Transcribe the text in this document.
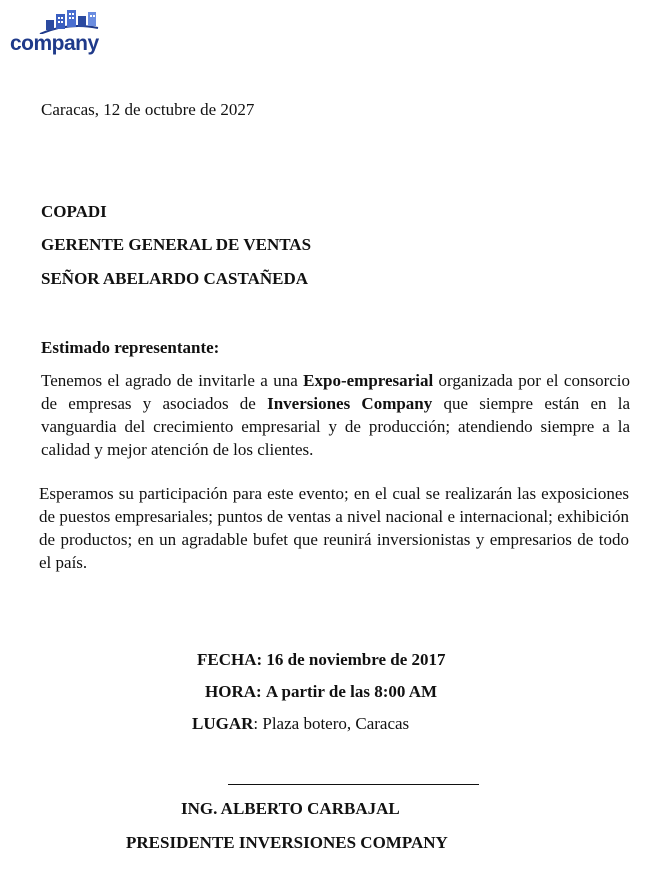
company
Caracas, 12 de octubre de 2027
COPADI
GERENTE GENERAL DE VENTAS
SEÑOR ABELARDO CASTAÑEDA
Estimado representante:
Tenemos el agrado de invitarle a una Expo-empresarial organizada por el consorcio de empresas y asociados de Inversiones Company que siempre están en la vanguardia del crecimiento empresarial y de producción; atendiendo siempre a la calidad y mejor atención de los clientes.
Esperamos su participación para este evento; en el cual se realizarán las exposiciones de puestos empresariales; puntos de ventas a nivel nacional e internacional; exhibición de productos; en un agradable bufet que reunirá inversionistas y empresarios de todo el país.
FECHA: 16 de noviembre de 2017
HORA: A partir de las 8:00 AM
LUGAR: Plaza botero, Caracas
ING. ALBERTO CARBAJAL
PRESIDENTE INVERSIONES COMPANY
